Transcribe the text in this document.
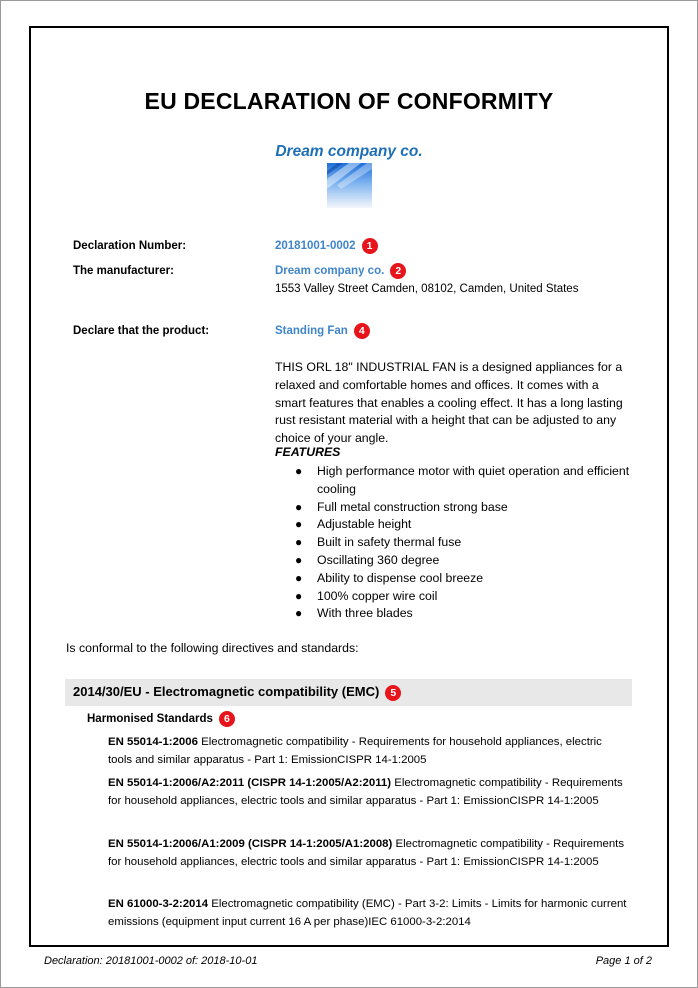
EU DECLARATION OF CONFORMITY
Dream company co.
Declaration Number:	20181001-0002 1
The manufacturer:	Dream company co. 2
1553 Valley Street Camden, 08102, Camden, United States
Declare that the product:	Standing Fan 4
THIS ORL 18" INDUSTRIAL FAN is a designed appliances for a relaxed and comfortable homes and offices. It comes with a smart features that enables a cooling effect. It has a long lasting rust resistant material with a height that can be adjusted to any choice of your angle.
FEATURES
● High performance motor with quiet operation and efficient cooling
● Full metal construction strong base
● Adjustable height
● Built in safety thermal fuse
● Oscillating 360 degree
● Ability to dispense cool breeze
● 100% copper wire coil
● With three blades
Is conformal to the following directives and standards:
2014/30/EU - Electromagnetic compatibility (EMC) 5
Harmonised Standards 6
EN 55014-1:2006 Electromagnetic compatibility - Requirements for household appliances, electric tools and similar apparatus - Part 1: EmissionCISPR 14-1:2005
EN 55014-1:2006/A2:2011 (CISPR 14-1:2005/A2:2011) Electromagnetic compatibility - Requirements for household appliances, electric tools and similar apparatus - Part 1: EmissionCISPR 14-1:2005
EN 55014-1:2006/A1:2009 (CISPR 14-1:2005/A1:2008) Electromagnetic compatibility - Requirements for household appliances, electric tools and similar apparatus - Part 1: EmissionCISPR 14-1:2005
EN 61000-3-2:2014 Electromagnetic compatibility (EMC) - Part 3-2: Limits - Limits for harmonic current emissions (equipment input current 16 A per phase)IEC 61000-3-2:2014
Declaration: 20181001-0002 of: 2018-10-01	Page 1 of 2
